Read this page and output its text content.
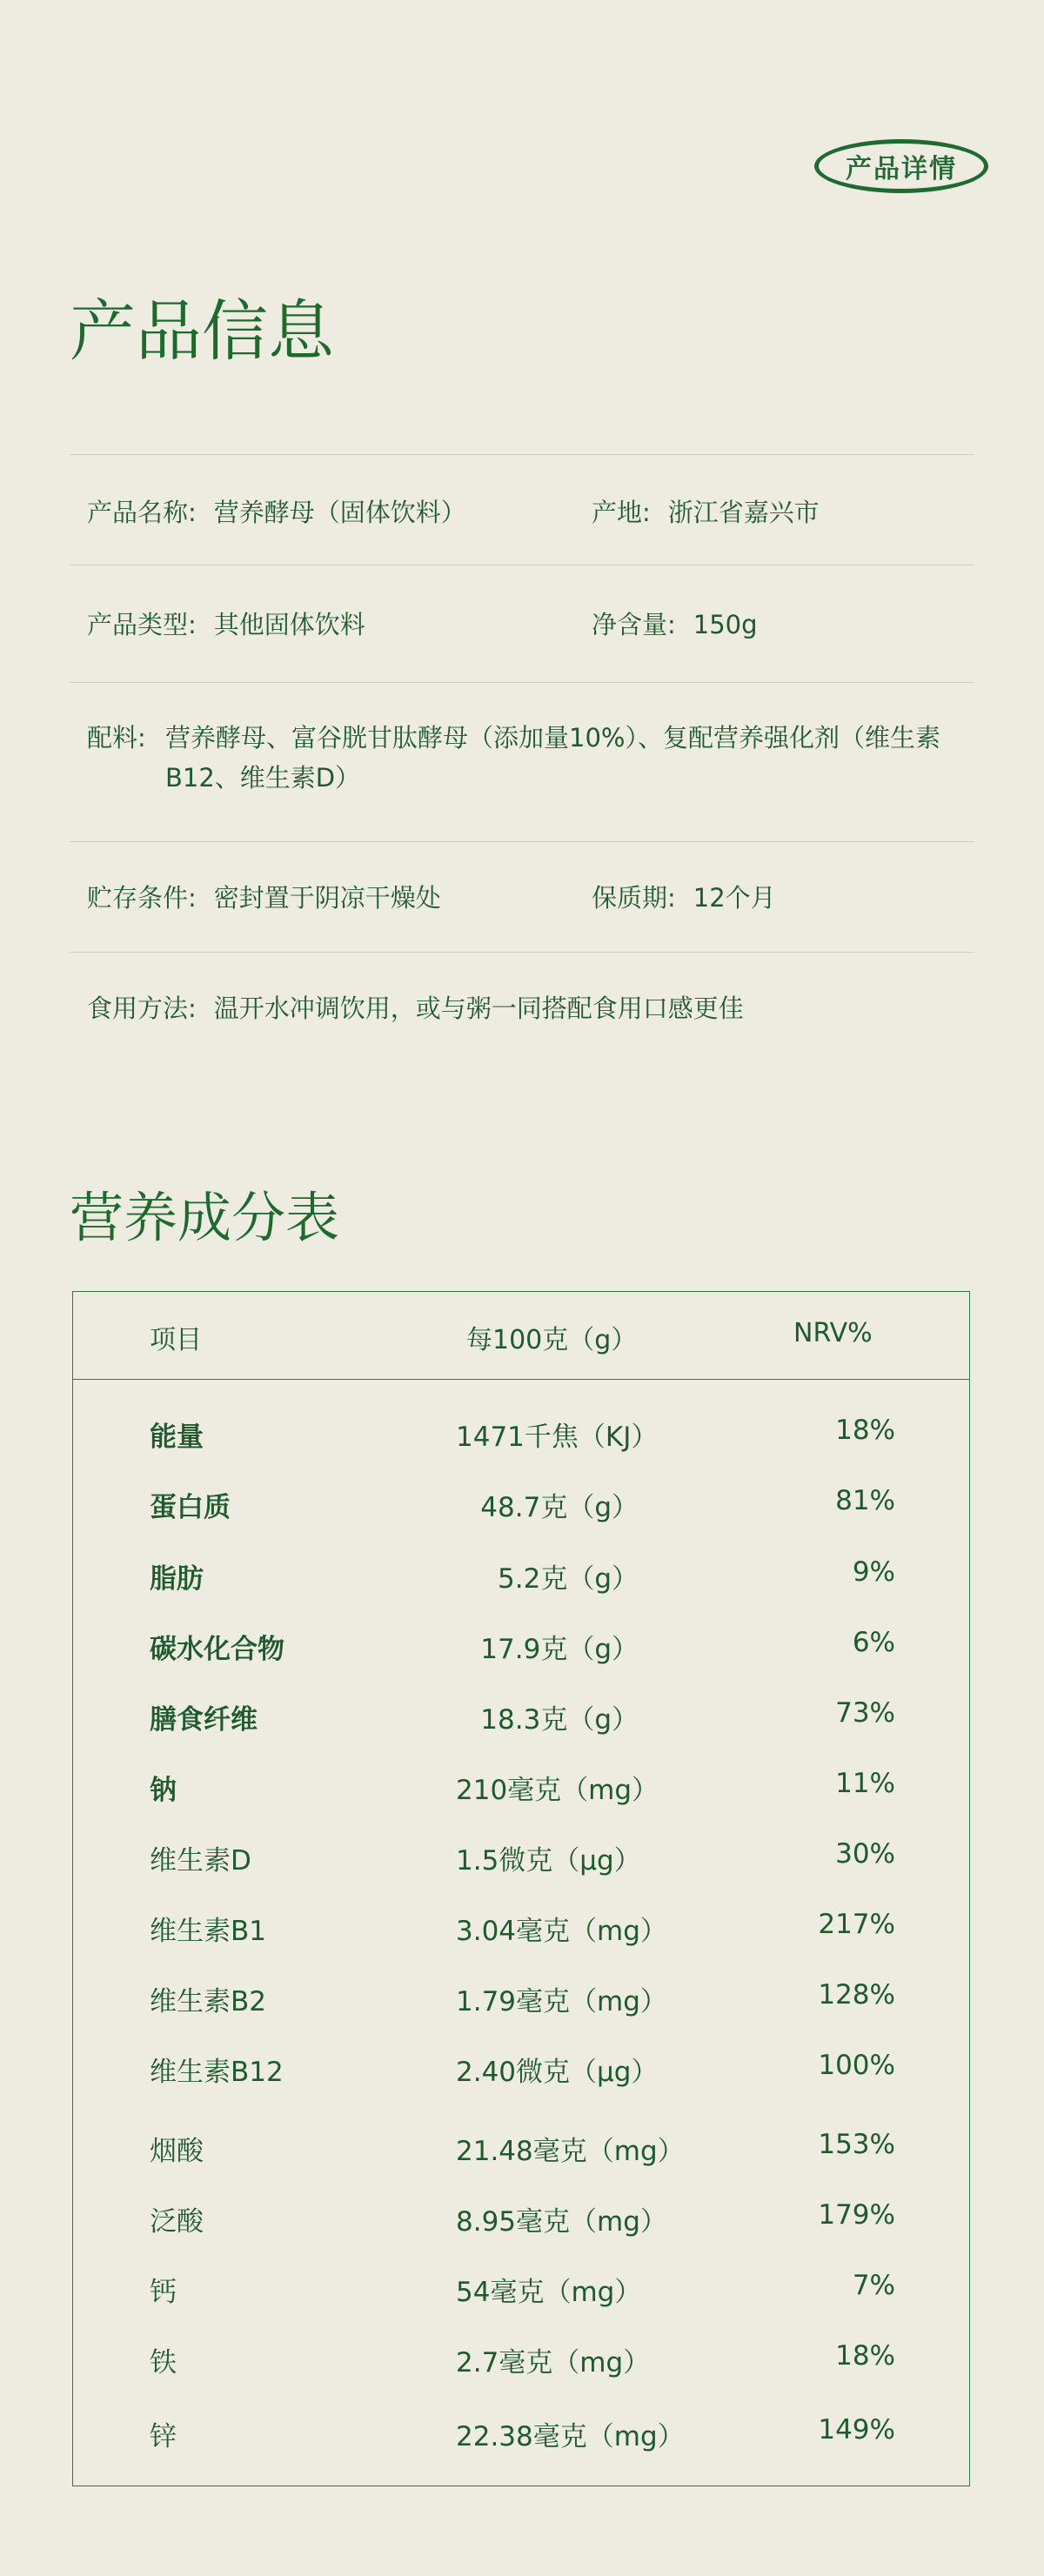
产品详情
产品信息
产品名称: 营养酵母（固体饮料）	产地: 浙江省嘉兴市
产品类型: 其他固体饮料	净含量: 150g
配料: 营养酵母、富谷胱甘肽酵母（添加量10%）、复配营养强化剂（维生素
B12、维生素D）
贮存条件: 密封置于阴凉干燥处	保质期: 12个月
食用方法: 温开水冲调饮用，或与粥一同搭配食用口感更佳
营养成分表
项目	每100克（g）	NRV%
能量	1471千焦（KJ）	18%
蛋白质	48.7克（g）	81%
脂肪	5.2克（g）	9%
碳水化合物	17.9克（g）	6%
膳食纤维	18.3克（g）	73%
钠	210毫克（mg）	11%
维生素D	1.5微克（μg）	30%
维生素B1	3.04毫克（mg）	217%
维生素B2	1.79毫克（mg）	128%
维生素B12	2.40微克（μg）	100%
烟酸	21.48毫克（mg）	153%
泛酸	8.95毫克（mg）	179%
钙	54毫克（mg）	7%
铁	2.7毫克（mg）	18%
锌	22.38毫克（mg）	149%
